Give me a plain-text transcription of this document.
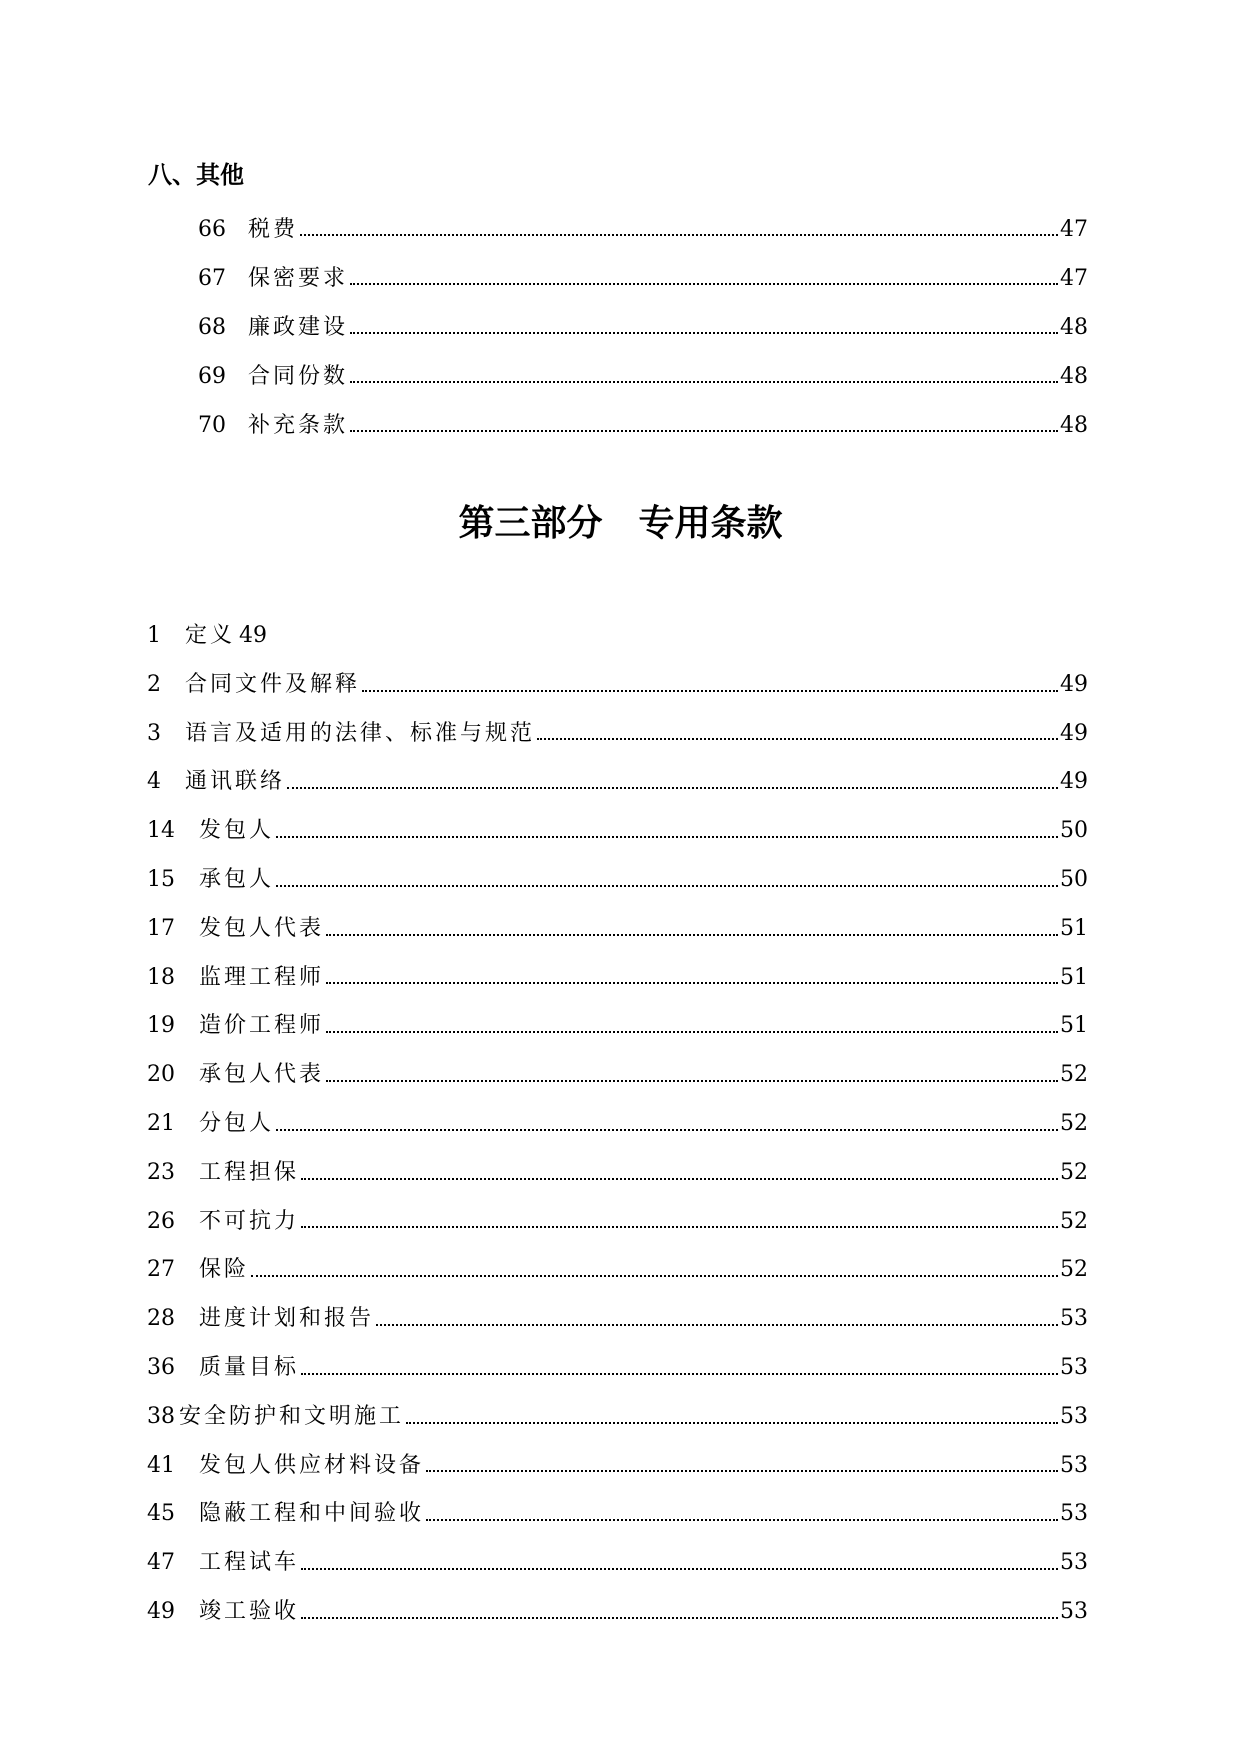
八、其他
66	税费	47
67	保密要求	47
68	廉政建设	48
69	合同份数	48
70	补充条款	48
第三部分　专用条款
1	定义 49
2	合同文件及解释	49
3	语言及适用的法律、标准与规范	49
4	通讯联络	49
14	发包人	50
15	承包人	50
17	发包人代表	51
18	监理工程师	51
19	造价工程师	51
20	承包人代表	52
21	分包人	52
23	工程担保	52
26	不可抗力	52
27	保险	52
28	进度计划和报告	53
36	质量目标	53
38 安全防护和文明施工	53
41	发包人供应材料设备	53
45	隐蔽工程和中间验收	53
47	工程试车	53
49	竣工验收	53
